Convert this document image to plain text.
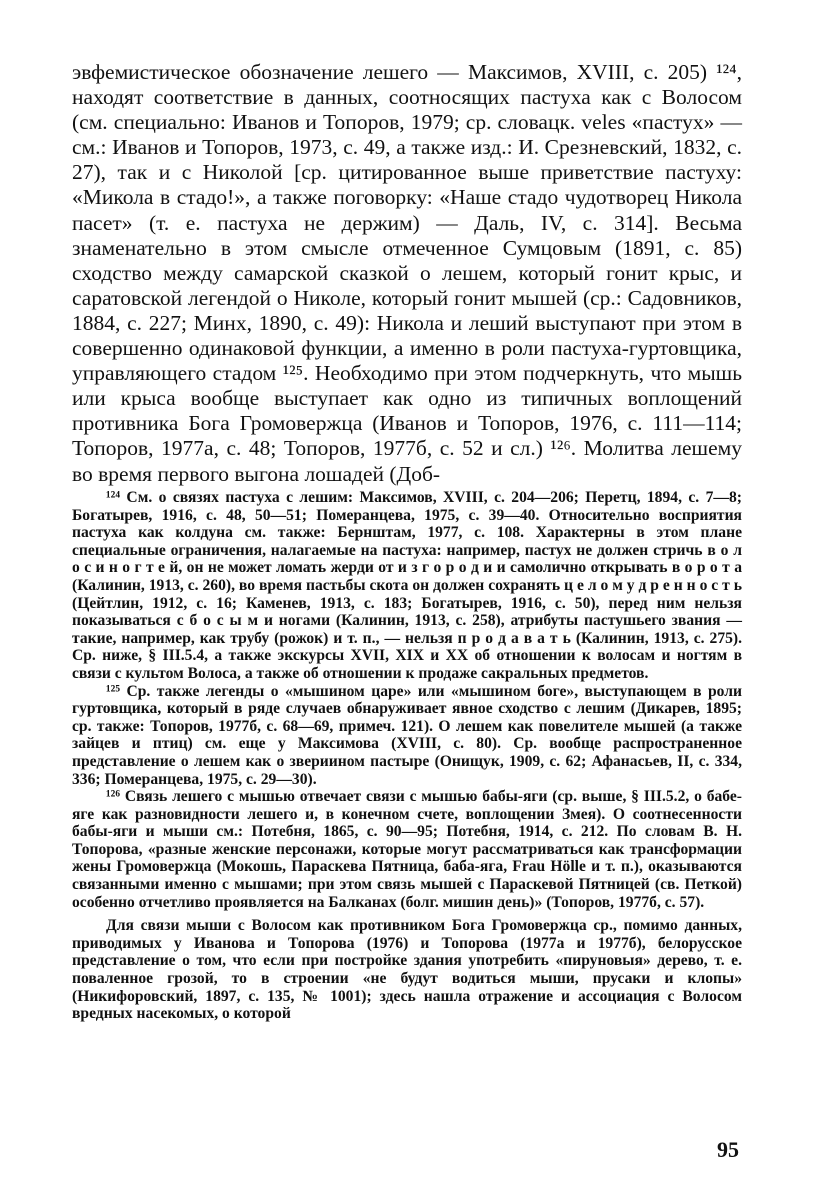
эвфемистическое обозначение лешего — Максимов, XVIII, с. 205) ¹²⁴, находят соответствие в данных, соотносящих пастуха как с Волосом (см. специально: Иванов и Топоров, 1979; ср. словацк. veles «пастух» — см.: Иванов и Топоров, 1973, с. 49, а также изд.: И. Срезневский, 1832, с. 27), так и с Николой [ср. цитированное выше приветствие пастуху: «Микола в стадо!», а также поговорку: «Наше стадо чудотворец Никола пасет» (т. е. пастуха не держим) — Даль, IV, с. 314]. Весьма знаменательно в этом смысле отмеченное Сумцовым (1891, с. 85) сходство между самарской сказкой о лешем, который гонит крыс, и саратовской легендой о Николе, который гонит мышей (ср.: Садовников, 1884, с. 227; Минх, 1890, с. 49): Никола и леший выступают при этом в совершенно одинаковой функции, а именно в роли пастуха-гуртовщика, управляющего стадом ¹²⁵. Необходимо при этом подчеркнуть, что мышь или крыса вообще выступает как одно из типичных воплощений противника Бога Громовержца (Иванов и Топоров, 1976, с. 111—114; Топоров, 1977а, с. 48; Топоров, 1977б, с. 52 и сл.) ¹²⁶. Молитва лешему во время первого выгона лошадей (Доб-

¹²⁴ См. о связях пастуха с лешим: Максимов, XVIII, с. 204—206; Перетц, 1894, с. 7—8; Богатырев, 1916, с. 48, 50—51; Померанцева, 1975, с. 39—40. Относительно восприятия пастуха как колдуна см. также: Бернштам, 1977, с. 108. Характерны в этом плане специальные ограничения, налагаемые на пастуха: например, пастух не должен стричь в о л о с и н о г т е й, он не может ломать жерди от и з г о р о д и и самолично открывать в о р о т а (Калинин, 1913, с. 260), во время пастьбы скота он должен сохранять ц е л о м у д р е н н о с т ь (Цейтлин, 1912, с. 16; Каменев, 1913, с. 183; Богатырев, 1916, с. 50), перед ним нельзя показываться с б о с ы м и ногами (Калинин, 1913, с. 258), атрибуты пастушьего звания — такие, например, как трубу (рожок) и т. п., — нельзя п р о д а в а т ь (Калинин, 1913, с. 275). Ср. ниже, § III.5.4, а также экскурсы XVII, XIX и XX об отношении к волосам и ногтям в связи с культом Волоса, а также об отношении к продаже сакральных предметов.

¹²⁵ Ср. также легенды о «мышином царе» или «мышином боге», выступающем в роли гуртовщика, который в ряде случаев обнаруживает явное сходство с лешим (Дикарев, 1895; ср. также: Топоров, 1977б, с. 68—69, примеч. 121). О лешем как повелителе мышей (а также зайцев и птиц) см. еще у Максимова (XVIII, с. 80). Ср. вообще распространенное представление о лешем как о звериином пастыре (Онищук, 1909, с. 62; Афанасьев, II, с. 334, 336; Померанцева, 1975, с. 29—30).

¹²⁶ Связь лешего с мышью отвечает связи с мышью бабы-яги (ср. выше, § III.5.2, о бабе-яге как разновидности лешего и, в конечном счете, воплощении Змея). О соотнесенности бабы-яги и мыши см.: Потебня, 1865, с. 90—95; Потебня, 1914, с. 212. По словам В. Н. Топорова, «разные женские персонажи, которые могут рассматриваться как трансформации жены Громовержца (Мокошь, Параскева Пятница, баба-яга, Frau Hölle и т. п.), оказываются связанными именно с мышами; при этом связь мышей с Параскевой Пятницей (св. Петкой) особенно отчетливо проявляется на Балканах (болг. мишин день)» (Топоров, 1977б, с. 57).

Для связи мыши с Волосом как противником Бога Громовержца ср., помимо данных, приводимых у Иванова и Топорова (1976) и Топорова (1977а и 1977б), белорусское представление о том, что если при постройке здания употребить «пируновыя» дерево, т. е. поваленное грозой, то в строении «не будут водиться мыши, прусаки и клопы» (Никифоровский, 1897, с. 135, № 1001); здесь нашла отражение и ассоциация с Волосом вредных насекомых, о которой

95
